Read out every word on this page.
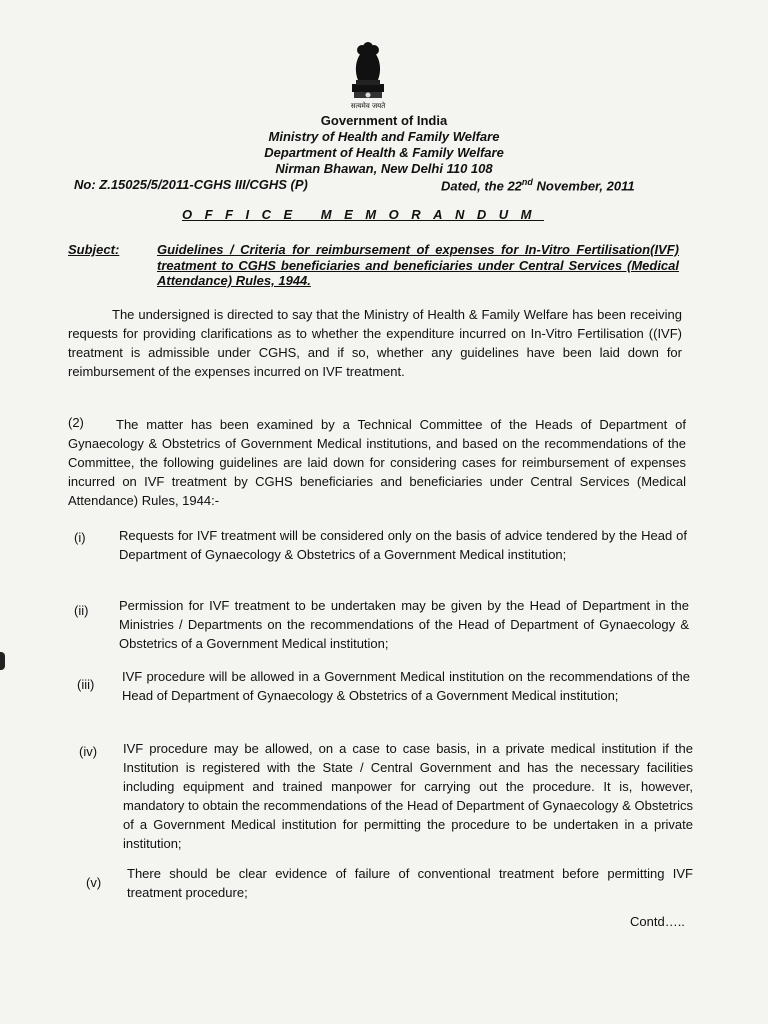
सत्यमेव जयते
Government of India
Ministry of Health and Family Welfare
Department of Health & Family Welfare
Nirman Bhawan, New Delhi 110 108
No: Z.15025/5/2011-CGHS III/CGHS (P)	Dated, the 22nd November, 2011
OFFICE MEMORANDUM
Subject:	Guidelines / Criteria for reimbursement of expenses for In-Vitro Fertilisation(IVF) treatment to CGHS beneficiaries and beneficiaries under Central Services (Medical Attendance) Rules, 1944.
The undersigned is directed to say that the Ministry of Health & Family Welfare has been receiving requests for providing clarifications as to whether the expenditure incurred on In-Vitro Fertilisation ((IVF) treatment is admissible under CGHS, and if so, whether any guidelines have been laid down for reimbursement of the expenses incurred on IVF treatment.
(2)	The matter has been examined by a Technical Committee of the Heads of Department of Gynaecology & Obstetrics of Government Medical institutions, and based on the recommendations of the Committee, the following guidelines are laid down for considering cases for reimbursement of expenses incurred on IVF treatment by CGHS beneficiaries and beneficiaries under Central Services (Medical Attendance) Rules, 1944:-
(i)	Requests for IVF treatment will be considered only on the basis of advice tendered by the Head of Department of Gynaecology & Obstetrics of a Government Medical institution;
(ii) Permission for IVF treatment to be undertaken may be given by the Head of Department in the Ministries / Departments on the recommendations of the Head of Department of Gynaecology & Obstetrics of a Government Medical institution;
(iii)
IVF procedure will be allowed in a Government Medical institution on the recommendations of the Head of Department of Gynaecology & Obstetrics of a Government Medical institution;
(iv) IVF procedure may be allowed, on a case to case basis, in a private medical institution if the Institution is registered with the State / Central Government and has the necessary facilities including equipment and trained manpower for carrying out the procedure. It is, however, mandatory to obtain the recommendations of the Head of Department of Gynaecology & Obstetrics of a Government Medical institution for permitting the procedure to be undertaken in a private institution;
(v)
There should be clear evidence of failure of conventional treatment before permitting IVF treatment procedure;
Contd…..
